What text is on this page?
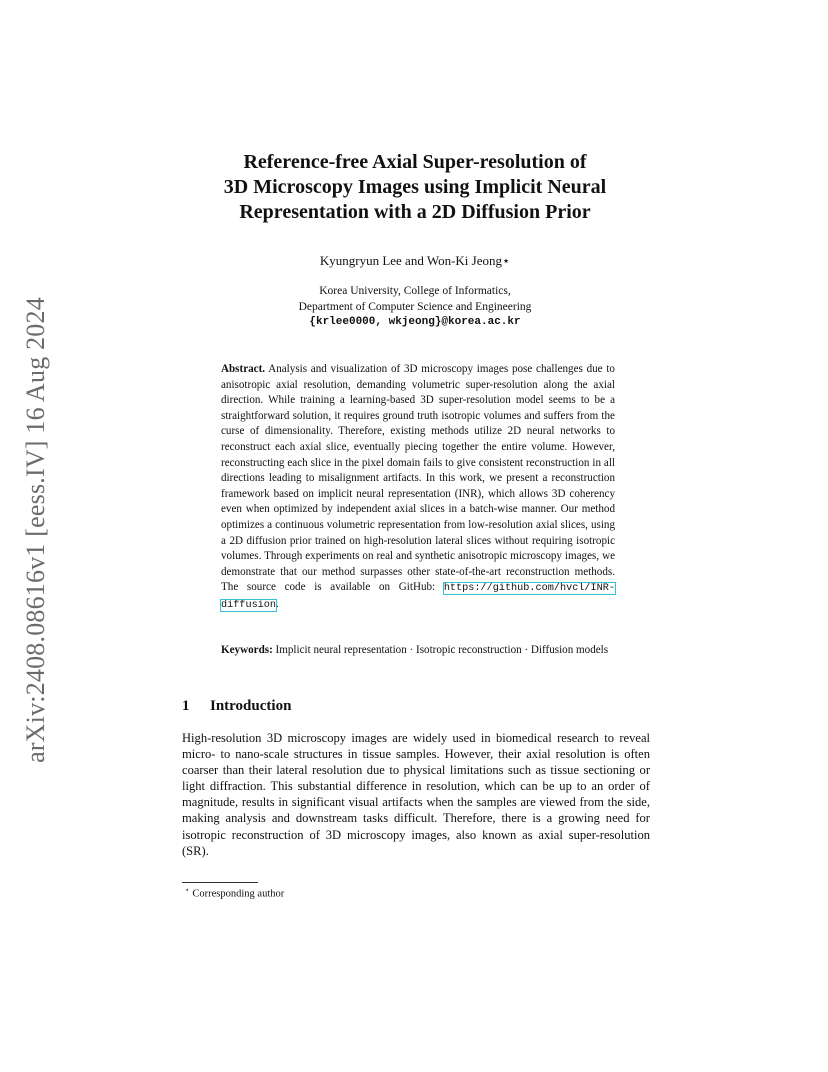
arXiv:2408.08616v1 [eess.IV] 16 Aug 2024
Reference-free Axial Super-resolution of
3D Microscopy Images using Implicit Neural
Representation with a 2D Diffusion Prior
Kyungryun Lee and Won-Ki Jeong⋆
Korea University, College of Informatics,
Department of Computer Science and Engineering
{krlee0000, wkjeong}@korea.ac.kr
Abstract. Analysis and visualization of 3D microscopy images pose challenges due to anisotropic axial resolution, demanding volumetric super-resolution along the axial direction. While training a learning-based 3D super-resolution model seems to be a straightforward solution, it requires ground truth isotropic volumes and suffers from the curse of dimensionality. Therefore, existing methods utilize 2D neural networks to reconstruct each axial slice, eventually piecing together the entire volume. However, reconstructing each slice in the pixel domain fails to give consistent reconstruction in all directions leading to misalignment artifacts. In this work, we present a reconstruction framework based on implicit neural representation (INR), which allows 3D coherency even when optimized by independent axial slices in a batch-wise manner. Our method optimizes a continuous volumetric representation from low-resolution axial slices, using a 2D diffusion prior trained on high-resolution lateral slices without requiring isotropic volumes. Through experiments on real and synthetic anisotropic microscopy images, we demonstrate that our method surpasses other state-of-the-art reconstruction methods. The source code is available on GitHub: https://github.com/hvcl/INR-diffusion.
Keywords: Implicit neural representation · Isotropic reconstruction · Diffusion models
1 Introduction
High-resolution 3D microscopy images are widely used in biomedical research to reveal micro- to nano-scale structures in tissue samples. However, their axial resolution is often coarser than their lateral resolution due to physical limitations such as tissue sectioning or light diffraction. This substantial difference in resolution, which can be up to an order of magnitude, results in significant visual artifacts when the samples are viewed from the side, making analysis and downstream tasks difficult. Therefore, there is a growing need for isotropic reconstruction of 3D microscopy images, also known as axial super-resolution (SR).
⋆ Corresponding author
